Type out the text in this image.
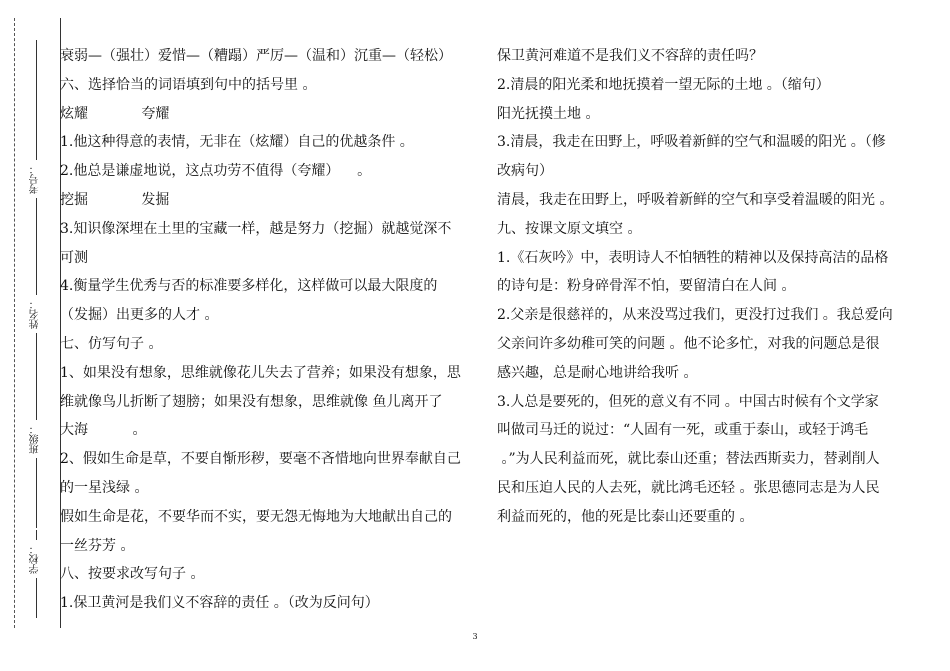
考号：
姓名：
班级：
学校：

衰弱—（强壮）爱惜—（糟蹋）严厉—（温和）沉重—（轻松）

六、选择恰当的词语填到句中的括号里 。

炫耀            夸耀

1.他这种得意的表情，无非在（炫耀）自己的优越条件 。

2.他总是谦虚地说，这点功劳不值得（夸耀）    。

挖掘            发掘

3.知识像深埋在土里的宝藏一样，越是努力（挖掘）就越觉深不

可测

4.衡量学生优秀与否的标准要多样化，这样做可以最大限度的

（发掘）出更多的人才 。

七、仿写句子 。

1、如果没有想象，思维就像花儿失去了营养；如果没有想象，思

维就像鸟儿折断了翅膀；如果没有想象，思维就像 鱼儿离开了

大海          。

2、假如生命是草，不要自惭形秽，要毫不吝惜地向世界奉献自己

的一星浅绿 。

假如生命是花，不要华而不实，要无怨无悔地为大地献出自己的

一丝芬芳 。

八、按要求改写句子 。

1.保卫黄河是我们义不容辞的责任 。（改为反问句）

保卫黄河难道不是我们义不容辞的责任吗？

2.清晨的阳光柔和地抚摸着一望无际的土地 。（缩句）

阳光抚摸土地 。

3.清晨，我走在田野上，呼吸着新鲜的空气和温暖的阳光 。（修

改病句）

清晨，我走在田野上，呼吸着新鲜的空气和享受着温暖的阳光 。

九、按课文原文填空 。

1.《石灰吟》中，表明诗人不怕牺牲的精神以及保持高洁的品格

的诗句是：粉身碎骨浑不怕，要留清白在人间 。

2.父亲是很慈祥的，从来没骂过我们，更没打过我们 。我总爱向

父亲问许多幼稚可笑的问题 。他不论多忙，对我的问题总是很

感兴趣，总是耐心地讲给我听 。

3.人总是要死的，但死的意义有不同 。中国古时候有个文学家

叫做司马迁的说过：“人固有一死，或重于泰山，或轻于鸿毛

。”为人民利益而死，就比泰山还重；替法西斯卖力，替剥削人

民和压迫人民的人去死，就比鸿毛还轻 。张思德同志是为人民

利益而死的，他的死是比泰山还要重的 。

3
